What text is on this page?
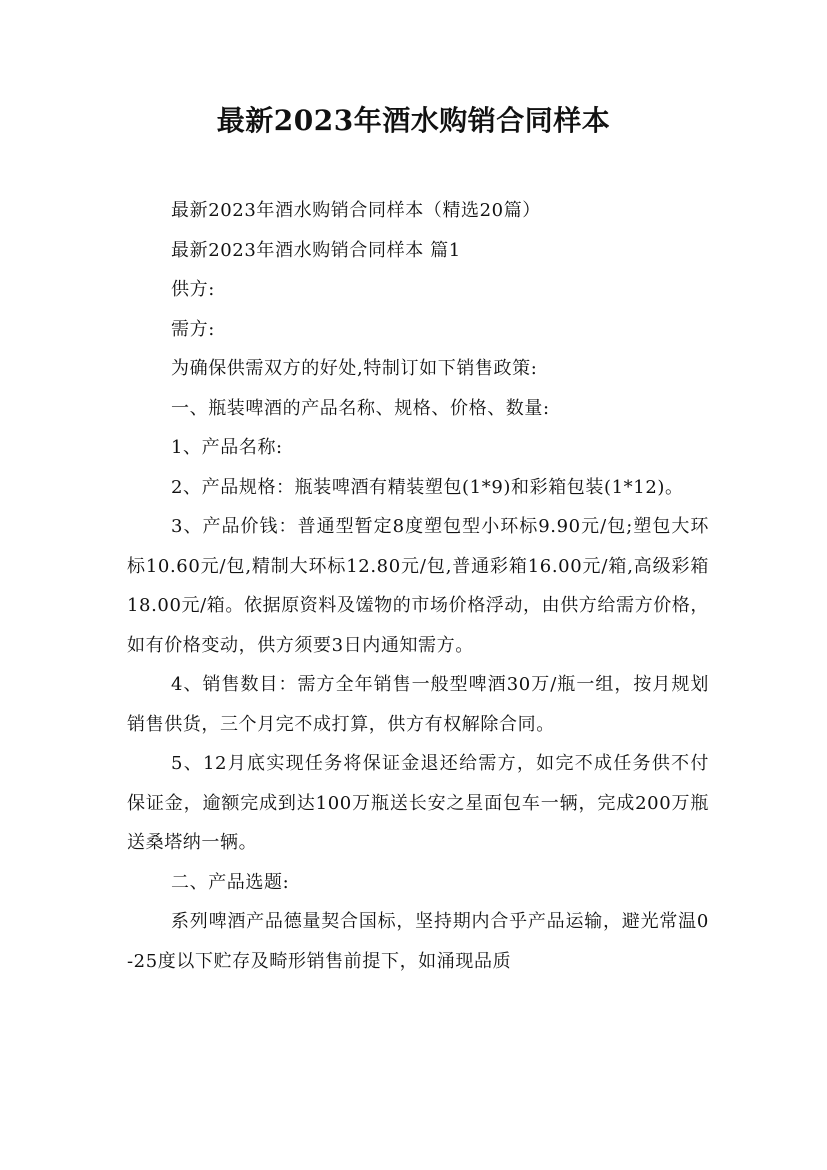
最新2023年酒水购销合同样本

最新2023年酒水购销合同样本（精选20篇）

最新2023年酒水购销合同样本 篇1

供方:

需方:

为确保供需双方的好处,特制订如下销售政策:

一、瓶装啤酒的产品名称、规格、价格、数量:

1、产品名称:

2、产品规格：瓶装啤酒有精装塑包(1*9)和彩箱包装(1*12)。

3、产品价钱：普通型暂定8度塑包型小环标9.90元/包;塑包大环标10.60元/包,精制大环标12.80元/包,普通彩箱16.00元/箱,高级彩箱18.00元/箱。依据原资料及馐物的市场价格浮动，由供方给需方价格，如有价格变动，供方须要3日内通知需方。

4、销售数目：需方全年销售一般型啤酒30万/瓶一组，按月规划销售供货，三个月完不成打算，供方有权解除合同。

5、12月底实现任务将保证金退还给需方，如完不成任务供不付保证金，逾额完成到达100万瓶送长安之星面包车一辆，完成200万瓶送桑塔纳一辆。

二、产品选题:

系列啤酒产品德量契合国标，坚持期内合乎产品运输，避光常温0-25度以下贮存及畸形销售前提下，如涌现品质
